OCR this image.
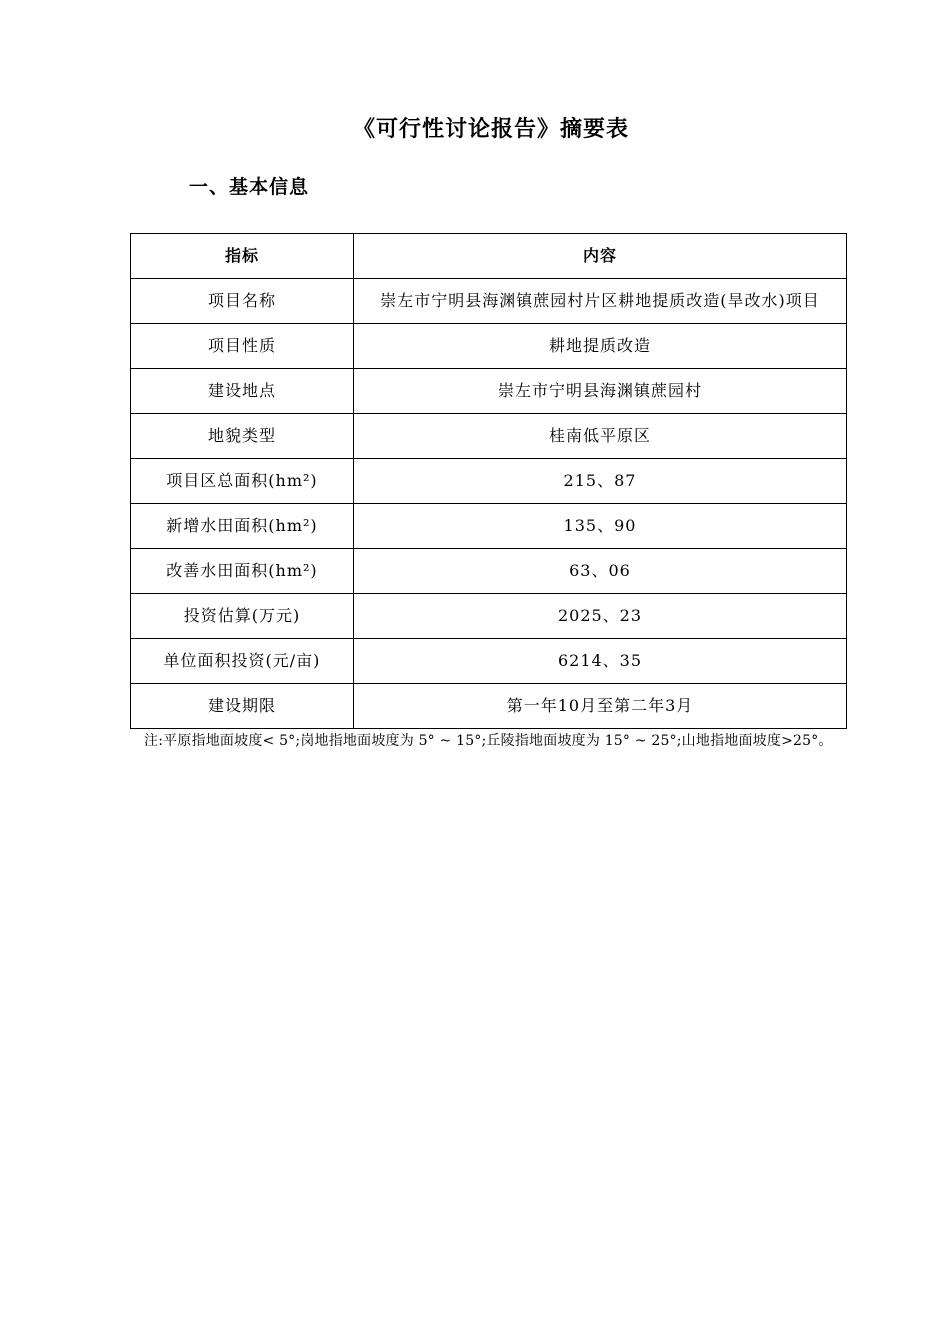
《可行性讨论报告》摘要表
一、基本信息
指标	内容
项目名称	崇左市宁明县海渊镇蔗园村片区耕地提质改造(旱改水)项目
项目性质	耕地提质改造
建设地点	崇左市宁明县海渊镇蔗园村
地貌类型	桂南低平原区
项目区总面积(hm²)	215、87
新增水田面积(hm²)	135、90
改善水田面积(hm²)	63、06
投资估算(万元)	2025、23
单位面积投资(元/亩)	6214、35
建设期限	第一年10月至第二年3月
注:平原指地面坡度< 5°;岗地指地面坡度为 5° ~ 15°;丘陵指地面坡度为 15° ~ 25°;山地指地面坡度>25°。
